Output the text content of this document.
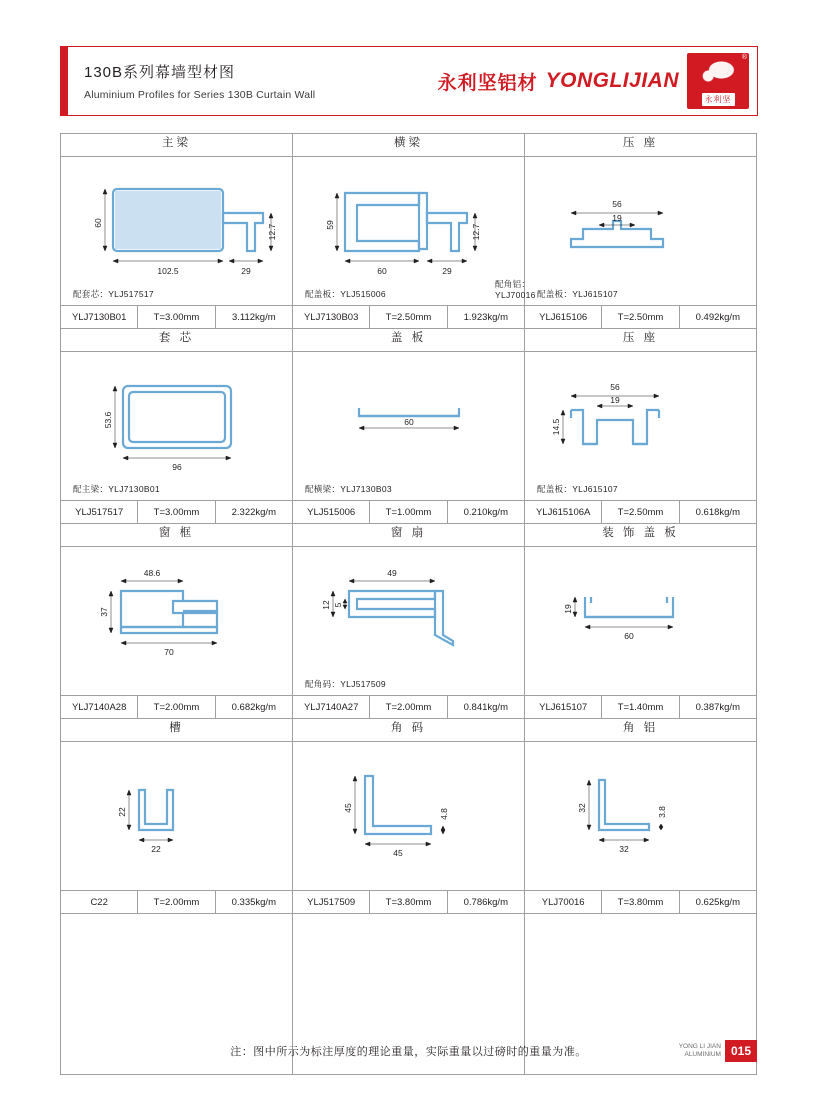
130B系列幕墙型材图
Aluminium Profiles for Series 130B Curtain Wall
永利坚铝材 YONGLIJIAN
®
永利坚
主梁	横梁	压 座

60
102.5	29
12.7
配套芯：YLJ517517

59
60	29
12.7
配盖板：YLJ515006
配角铝：YLJ70016

56
19
配盖板：YLJ615107

YLJ7130B01	T=3.00mm	3.112kg/m	YLJ7130B03	T=2.50mm	1.923kg/m	YLJ615106	T=2.50mm	0.492kg/m

套 芯	盖 板	压 座

53.6
96
配主梁：YLJ7130B01

60
配横梁：YLJ7130B03

56
19
14.5
配盖板：YLJ615107

YLJ517517	T=3.00mm	2.322kg/m	YLJ515006	T=1.00mm	0.210kg/m	YLJ615106A	T=2.50mm	0.618kg/m

窗 框	窗 扇	装 饰 盖 板

48.6
37
70

49
12 5
配角码：YLJ517509

19
60

YLJ7140A28	T=2.00mm	0.682kg/m	YLJ7140A27	T=2.00mm	0.841kg/m	YLJ615107	T=1.40mm	0.387kg/m

槽	角 码	角 铝

22
22	45
45
4.8	32
32
3.8

C22	T=2.00mm	0.335kg/m	YLJ517509	T=3.80mm	0.786kg/m	YLJ70016	T=3.80mm	0.625kg/m

注：图中所示为标注厚度的理论重量，实际重量以过磅时的重量为准。	YONG LI JIAN
ALUMINIUM 015
